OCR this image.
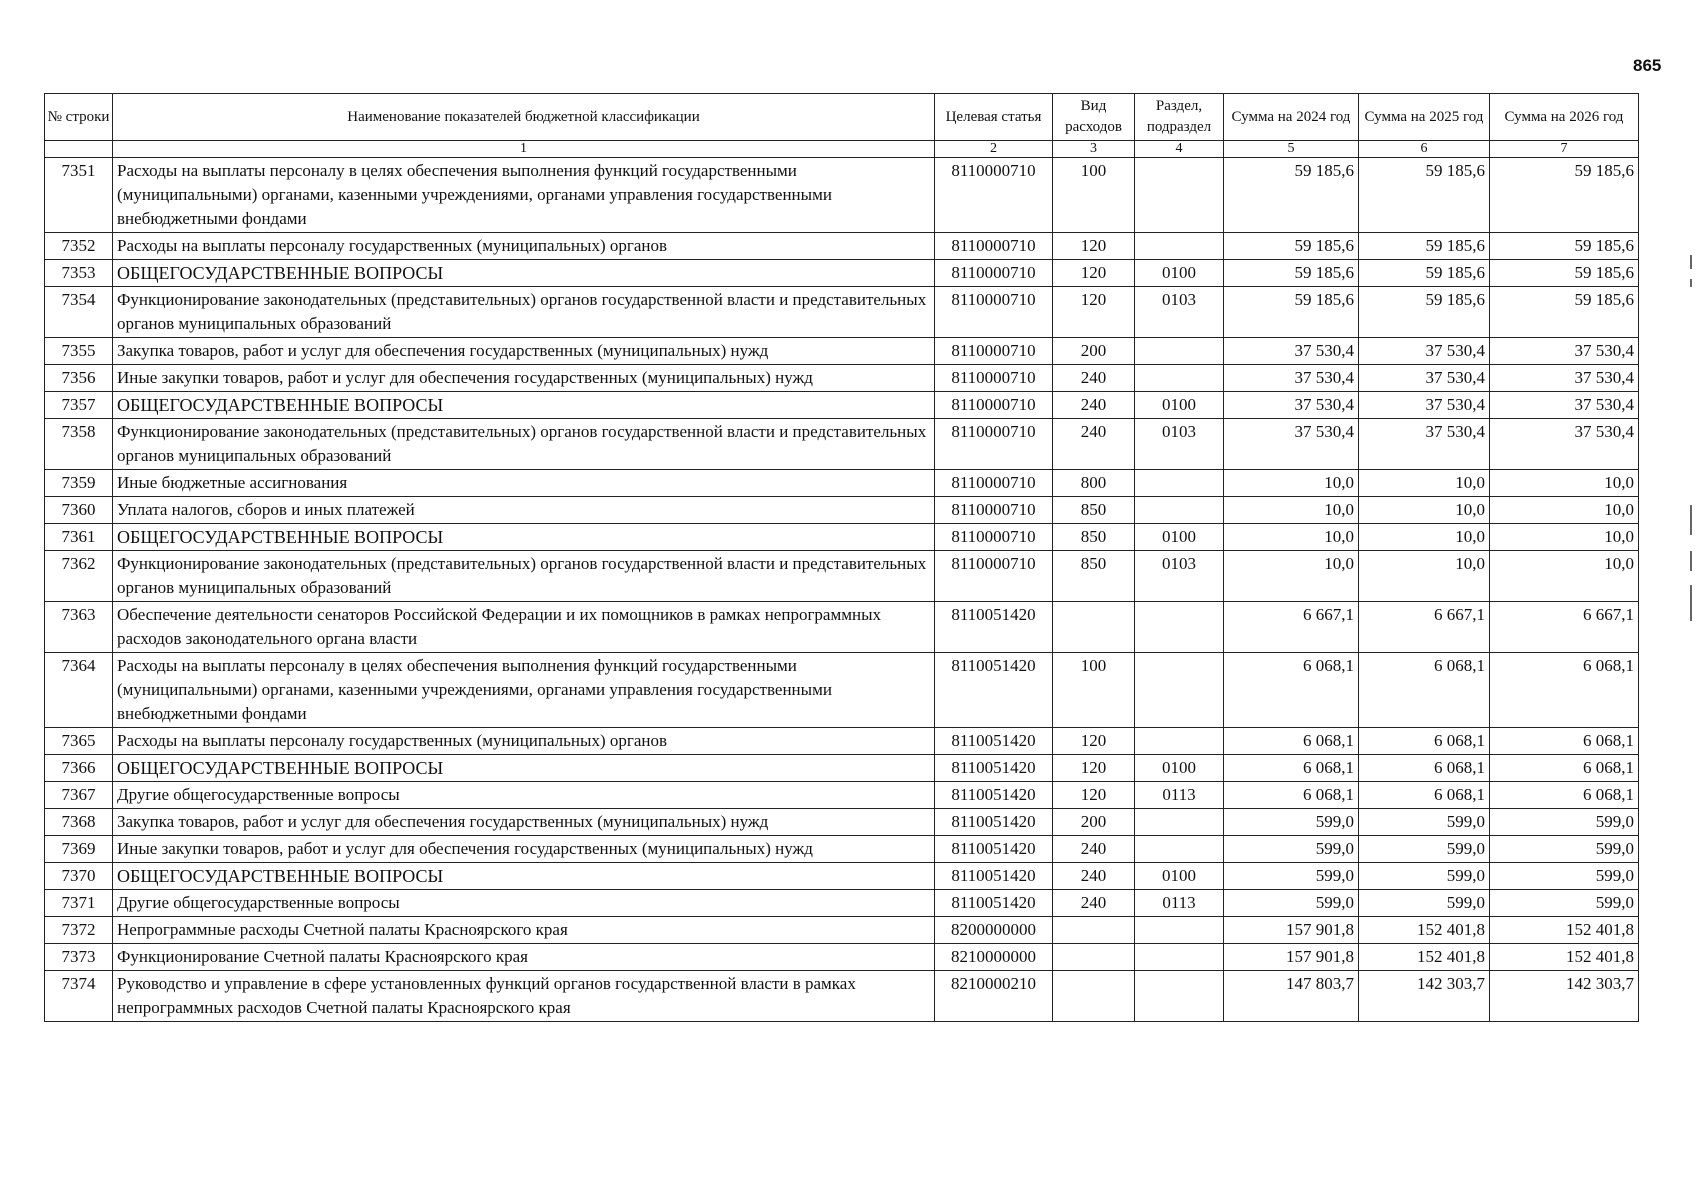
865
№ строки	Наименование показателей бюджетной классификации	Целевая статья	Вид расходов	Раздел, подраздел	Сумма на 2024 год	Сумма на 2025 год	Сумма на 2026 год
	1	2	3	4	5	6	7
7351	Расходы на выплаты персоналу в целях обеспечения выполнения функций государственными (муниципальными) органами, казенными учреждениями, органами управления государственными внебюджетными фондами	8110000710	100		59 185,6	59 185,6	59 185,6
7352	Расходы на выплаты персоналу государственных (муниципальных) органов	8110000710	120		59 185,6	59 185,6	59 185,6
7353	ОБЩЕГОСУДАРСТВЕННЫЕ ВОПРОСЫ	8110000710	120	0100	59 185,6	59 185,6	59 185,6
7354	Функционирование законодательных (представительных) органов государственной власти и представительных органов муниципальных образований	8110000710	120	0103	59 185,6	59 185,6	59 185,6
7355	Закупка товаров, работ и услуг для обеспечения государственных (муниципальных) нужд	8110000710	200		37 530,4	37 530,4	37 530,4
7356	Иные закупки товаров, работ и услуг для обеспечения государственных (муниципальных) нужд	8110000710	240		37 530,4	37 530,4	37 530,4
7357	ОБЩЕГОСУДАРСТВЕННЫЕ ВОПРОСЫ	8110000710	240	0100	37 530,4	37 530,4	37 530,4
7358	Функционирование законодательных (представительных) органов государственной власти и представительных органов муниципальных образований	8110000710	240	0103	37 530,4	37 530,4	37 530,4
7359	Иные бюджетные ассигнования	8110000710	800		10,0	10,0	10,0
7360	Уплата налогов, сборов и иных платежей	8110000710	850		10,0	10,0	10,0
7361	ОБЩЕГОСУДАРСТВЕННЫЕ ВОПРОСЫ	8110000710	850	0100	10,0	10,0	10,0
7362	Функционирование законодательных (представительных) органов государственной власти и представительных органов муниципальных образований	8110000710	850	0103	10,0	10,0	10,0
7363	Обеспечение деятельности сенаторов Российской Федерации и их помощников в рамках непрограммных расходов законодательного органа власти	8110051420			6 667,1	6 667,1	6 667,1
7364	Расходы на выплаты персоналу в целях обеспечения выполнения функций государственными (муниципальными) органами, казенными учреждениями, органами управления государственными внебюджетными фондами	8110051420	100		6 068,1	6 068,1	6 068,1
7365	Расходы на выплаты персоналу государственных (муниципальных) органов	8110051420	120		6 068,1	6 068,1	6 068,1
7366	ОБЩЕГОСУДАРСТВЕННЫЕ ВОПРОСЫ	8110051420	120	0100	6 068,1	6 068,1	6 068,1
7367	Другие общегосударственные вопросы	8110051420	120	0113	6 068,1	6 068,1	6 068,1
7368	Закупка товаров, работ и услуг для обеспечения государственных (муниципальных) нужд	8110051420	200		599,0	599,0	599,0
7369	Иные закупки товаров, работ и услуг для обеспечения государственных (муниципальных) нужд	8110051420	240		599,0	599,0	599,0
7370	ОБЩЕГОСУДАРСТВЕННЫЕ ВОПРОСЫ	8110051420	240	0100	599,0	599,0	599,0
7371	Другие общегосударственные вопросы	8110051420	240	0113	599,0	599,0	599,0
7372	Непрограммные расходы Счетной палаты Красноярского края	8200000000			157 901,8	152 401,8	152 401,8
7373	Функционирование Счетной палаты Красноярского края	8210000000			157 901,8	152 401,8	152 401,8
7374	Руководство и управление в сфере установленных функций органов государственной власти в рамках непрограммных расходов Счетной палаты Красноярского края	8210000210			147 803,7	142 303,7	142 303,7
